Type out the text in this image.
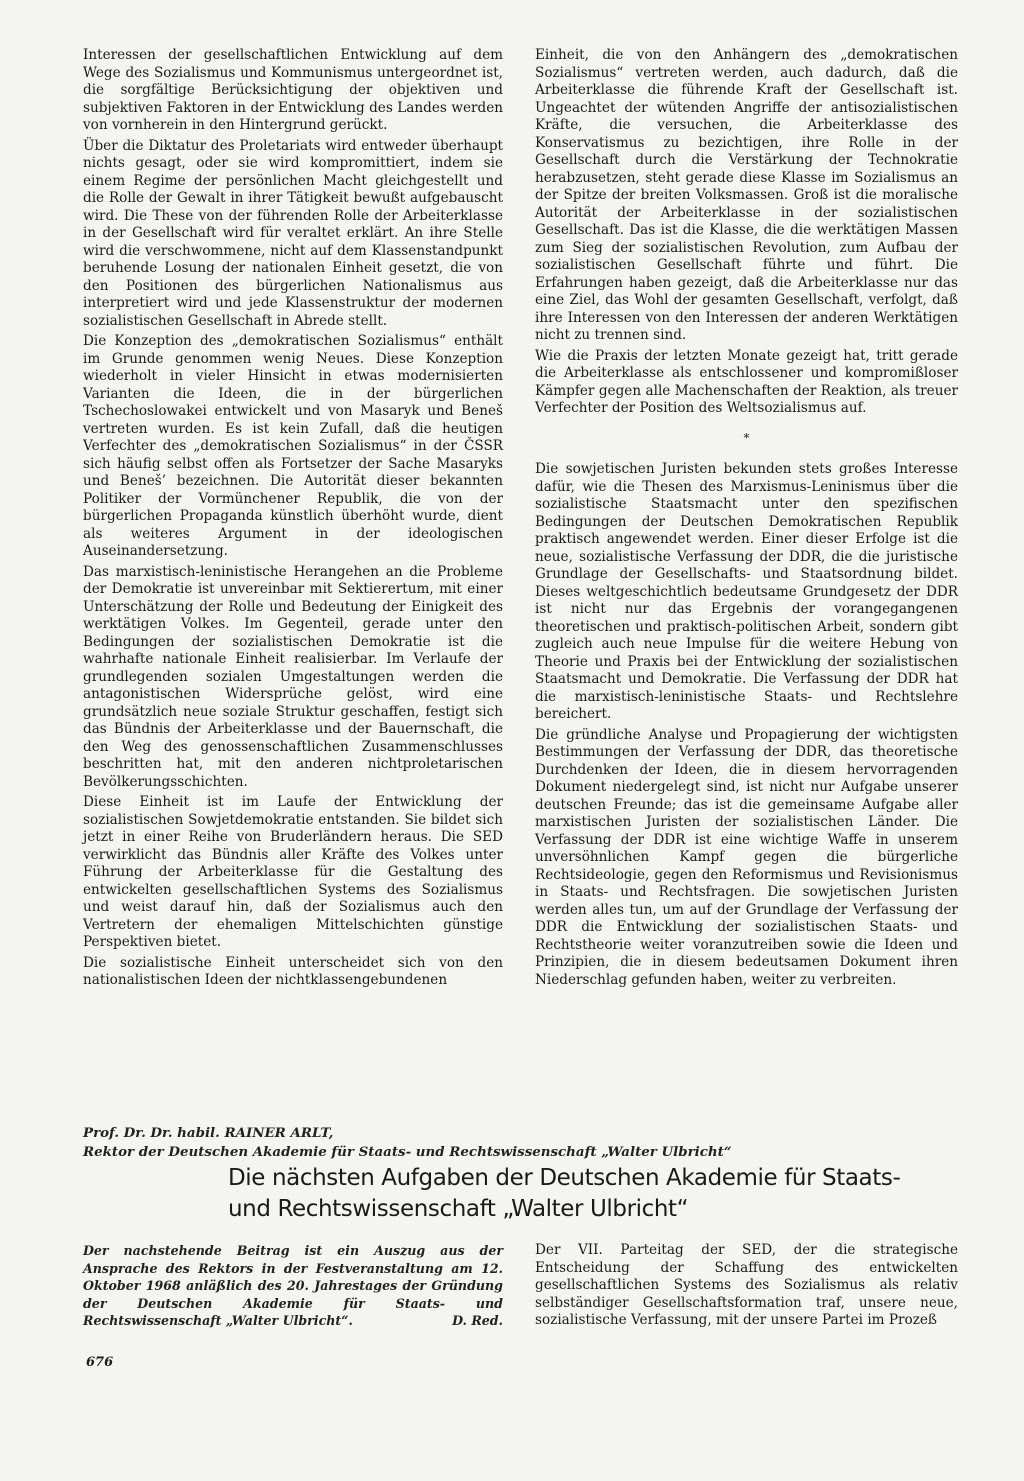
Interessen der gesellschaftlichen Entwicklung auf dem Wege des Sozialismus und Kommunismus untergeordnet ist, die sorgfältige Berücksichtigung der objektiven und subjektiven Faktoren in der Entwicklung des Landes werden von vornherein in den Hintergrund gerückt.

Über die Diktatur des Proletariats wird entweder überhaupt nichts gesagt, oder sie wird kompromittiert, indem sie einem Regime der persönlichen Macht gleichgestellt und die Rolle der Gewalt in ihrer Tätigkeit bewußt aufgebauscht wird. Die These von der führenden Rolle der Arbeiterklasse in der Gesellschaft wird für veraltet erklärt. An ihre Stelle wird die verschwommene, nicht auf dem Klassenstandpunkt beruhende Losung der nationalen Einheit gesetzt, die von den Positionen des bürgerlichen Nationalismus aus interpretiert wird und jede Klassenstruktur der modernen sozialistischen Gesellschaft in Abrede stellt.

Die Konzeption des „demokratischen Sozialismus“ enthält im Grunde genommen wenig Neues. Diese Konzeption wiederholt in vieler Hinsicht in etwas modernisierten Varianten die Ideen, die in der bürgerlichen Tschechoslowakei entwickelt und von Masaryk und Beneš vertreten wurden. Es ist kein Zufall, daß die heutigen Verfechter des „demokratischen Sozialismus“ in der ČSSR sich häufig selbst offen als Fortsetzer der Sache Masaryks und Beneš’ bezeichnen. Die Autorität dieser bekannten Politiker der Vormünchener Republik, die von der bürgerlichen Propaganda künstlich überhöht wurde, dient als weiteres Argument in der ideologischen Auseinandersetzung.

Das marxistisch-leninistische Herangehen an die Probleme der Demokratie ist unvereinbar mit Sektierertum, mit einer Unterschätzung der Rolle und Bedeutung der Einigkeit des werktätigen Volkes. Im Gegenteil, gerade unter den Bedingungen der sozialistischen Demokratie ist die wahrhafte nationale Einheit realisierbar. Im Verlaufe der grundlegenden sozialen Umgestaltungen werden die antagonistischen Widersprüche gelöst, wird eine grundsätzlich neue soziale Struktur geschaffen, festigt sich das Bündnis der Arbeiterklasse und der Bauernschaft, die den Weg des genossenschaftlichen Zusammenschlusses beschritten hat, mit den anderen nichtproletarischen Bevölkerungsschichten.

Diese Einheit ist im Laufe der Entwicklung der sozialistischen Sowjetdemokratie entstanden. Sie bildet sich jetzt in einer Reihe von Bruderländern heraus. Die SED verwirklicht das Bündnis aller Kräfte des Volkes unter Führung der Arbeiterklasse für die Gestaltung des entwickelten gesellschaftlichen Systems des Sozialismus und weist darauf hin, daß der Sozialismus auch den Vertretern der ehemaligen Mittelschichten günstige Perspektiven bietet.

Die sozialistische Einheit unterscheidet sich von den nationalistischen Ideen der nichtklassengebundenen

Einheit, die von den Anhängern des „demokratischen Sozialismus“ vertreten werden, auch dadurch, daß die Arbeiterklasse die führende Kraft der Gesellschaft ist. Ungeachtet der wütenden Angriffe der antisozialistischen Kräfte, die versuchen, die Arbeiterklasse des Konservatismus zu bezichtigen, ihre Rolle in der Gesellschaft durch die Verstärkung der Technokratie herabzusetzen, steht gerade diese Klasse im Sozialismus an der Spitze der breiten Volksmassen. Groß ist die moralische Autorität der Arbeiterklasse in der sozialistischen Gesellschaft. Das ist die Klasse, die die werktätigen Massen zum Sieg der sozialistischen Revolution, zum Aufbau der sozialistischen Gesellschaft führte und führt. Die Erfahrungen haben gezeigt, daß die Arbeiterklasse nur das eine Ziel, das Wohl der gesamten Gesellschaft, verfolgt, daß ihre Interessen von den Interessen der anderen Werktätigen nicht zu trennen sind.

Wie die Praxis der letzten Monate gezeigt hat, tritt gerade die Arbeiterklasse als entschlossener und kompromißloser Kämpfer gegen alle Machenschaften der Reaktion, als treuer Verfechter der Position des Weltsozialismus auf.

*

Die sowjetischen Juristen bekunden stets großes Interesse dafür, wie die Thesen des Marxismus-Leninismus über die sozialistische Staatsmacht unter den spezifischen Bedingungen der Deutschen Demokratischen Republik praktisch angewendet werden. Einer dieser Erfolge ist die neue, sozialistische Verfassung der DDR, die die juristische Grundlage der Gesellschafts- und Staatsordnung bildet. Dieses weltgeschichtlich bedeutsame Grundgesetz der DDR ist nicht nur das Ergebnis der vorangegangenen theoretischen und praktisch-politischen Arbeit, sondern gibt zugleich auch neue Impulse für die weitere Hebung von Theorie und Praxis bei der Entwicklung der sozialistischen Staatsmacht und Demokratie. Die Verfassung der DDR hat die marxistisch-leninistische Staats- und Rechtslehre bereichert.

Die gründliche Analyse und Propagierung der wichtigsten Bestimmungen der Verfassung der DDR, das theoretische Durchdenken der Ideen, die in diesem hervorragenden Dokument niedergelegt sind, ist nicht nur Aufgabe unserer deutschen Freunde; das ist die gemeinsame Aufgabe aller marxistischen Juristen der sozialistischen Länder. Die Verfassung der DDR ist eine wichtige Waffe in unserem unversöhnlichen Kampf gegen die bürgerliche Rechtsideologie, gegen den Reformismus und Revisionismus in Staats- und Rechtsfragen. Die sowjetischen Juristen werden alles tun, um auf der Grundlage der Verfassung der DDR die Entwicklung der sozialistischen Staats- und Rechtstheorie weiter voranzutreiben sowie die Ideen und Prinzipien, die in diesem bedeutsamen Dokument ihren Niederschlag gefunden haben, weiter zu verbreiten.

Prof. Dr. Dr. habil. RAINER ARLT,
Rektor der Deutschen Akademie für Staats- und Rechtswissenschaft „Walter Ulbricht“
Die nächsten Aufgaben der Deutschen Akademie für Staats-
und Rechtswissenschaft „Walter Ulbricht“
Der nachstehende Beitrag ist ein Auszug aus der Ansprache des Rektors in der Festveranstaltung am 12. Oktober 1968 anläßlich des 20. Jahrestages der Gründung der Deutschen Akademie für Staats- und Rechtswissenschaft „Walter Ulbricht“.	D. Red.
Der VII. Parteitag der SED, der die strategische Entscheidung der Schaffung des entwickelten gesellschaftlichen Systems des Sozialismus als relativ selbständiger Gesellschaftsformation traf, unsere neue, sozialistische Verfassung, mit der unsere Partei im Prozeß
676
